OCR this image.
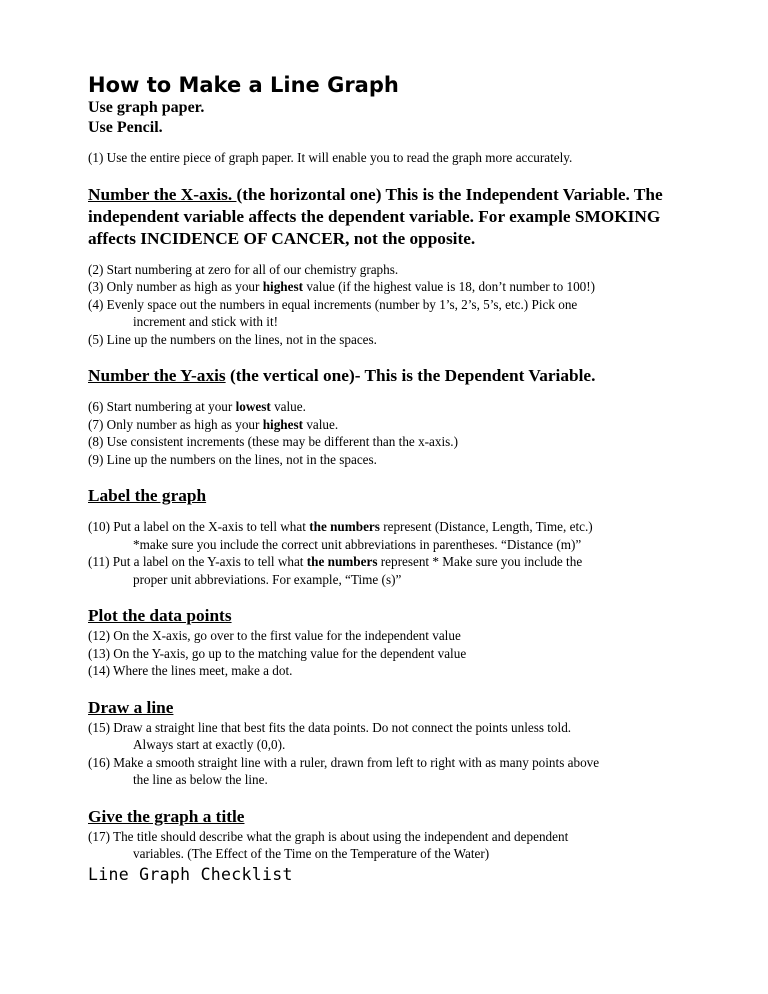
How to Make a Line Graph

Use graph paper.

Use Pencil.

(1) Use the entire piece of graph paper. It will enable you to read the graph more accurately.

Number the X-axis. (the horizontal one) This is the Independent Variable. The independent variable affects the dependent variable. For example SMOKING affects INCIDENCE OF CANCER, not the opposite.

(2) Start numbering at zero for all of our chemistry graphs.

(3) Only number as high as your highest value (if the highest value is 18, don’t number to 100!)

(4) Evenly space out the numbers in equal increments (number by 1’s, 2’s, 5’s, etc.) Pick one

increment and stick with it!

(5) Line up the numbers on the lines, not in the spaces.

Number the Y-axis (the vertical one)- This is the Dependent Variable.

(6) Start numbering at your lowest value.

(7) Only number as high as your highest value.

(8) Use consistent increments (these may be different than the x-axis.)

(9) Line up the numbers on the lines, not in the spaces.

Label the graph

(10) Put a label on the X-axis to tell what the numbers represent (Distance, Length, Time, etc.)

*make sure you include the correct unit abbreviations in parentheses. “Distance (m)”

(11) Put a label on the Y-axis to tell what the numbers represent * Make sure you include the

proper unit abbreviations. For example, “Time (s)”

Plot the data points

(12) On the X-axis, go over to the first value for the independent value

(13) On the Y-axis, go up to the matching value for the dependent value

(14) Where the lines meet, make a dot.

Draw a line

(15) Draw a straight line that best fits the data points. Do not connect the points unless told.

Always start at exactly (0,0).

(16) Make a smooth straight line with a ruler, drawn from left to right with as many points above

the line as below the line.

Give the graph a title

(17) The title should describe what the graph is about using the independent and dependent

variables. (The Effect of the Time on the Temperature of the Water)

Line Graph Checklist
